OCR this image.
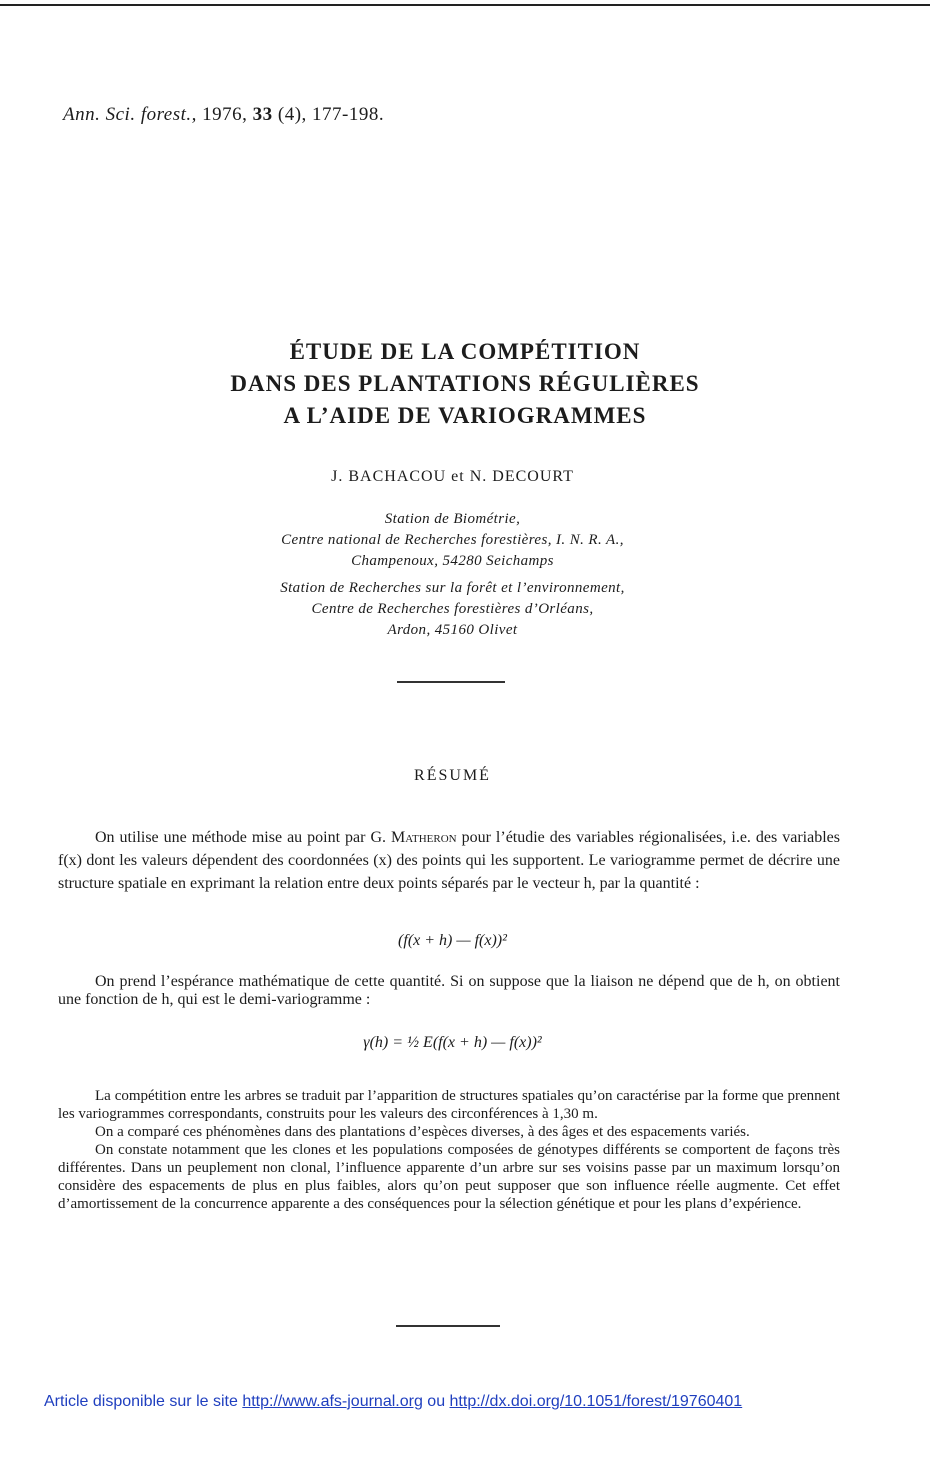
Ann. Sci. forest., 1976, 33 (4), 177-198.
ÉTUDE DE LA COMPÉTITION
DANS DES PLANTATIONS RÉGULIÈRES
A L’AIDE DE VARIOGRAMMES
J. BACHACOU et N. DECOURT
Station de Biométrie,
Centre national de Recherches forestières, I. N. R. A.,
Champenoux, 54280 Seichamps
Station de Recherches sur la forêt et l’environnement,
Centre de Recherches forestières d’Orléans,
Ardon, 45160 Olivet
RÉSUMÉ

On utilise une méthode mise au point par G. Matheron pour l’étudie des variables régionalisées, i.e. des variables f(x) dont les valeurs dépendent des coordonnées (x) des points qui les supportent. Le variogramme permet de décrire une structure spatiale en exprimant la relation entre deux points séparés par le vecteur h, par la quantité :

(f(x + h) — f(x))²

On prend l’espérance mathématique de cette quantité. Si on suppose que la liaison ne dépend que de h, on obtient une fonction de h, qui est le demi-variogramme :

γ(h) = ½ E(f(x + h) — f(x))²
La compétition entre les arbres se traduit par l’apparition de structures spatiales qu’on caractérise par la forme que prennent les variogrammes correspondants, construits pour les valeurs des circonférences à 1,30 m.
On a comparé ces phénomènes dans des plantations d’espèces diverses, à des âges et des espacements variés.
On constate notamment que les clones et les populations composées de génotypes différents se comportent de façons très différentes. Dans un peuplement non clonal, l’influence apparente d’un arbre sur ses voisins passe par un maximum lorsqu’on considère des espacements de plus en plus faibles, alors qu’on peut supposer que son influence réelle augmente. Cet effet d’amortissement de la concurrence apparente a des conséquences pour la sélection génétique et pour les plans d’expérience.
Article disponible sur le site http://www.afs-journal.org ou http://dx.doi.org/10.1051/forest/19760401
